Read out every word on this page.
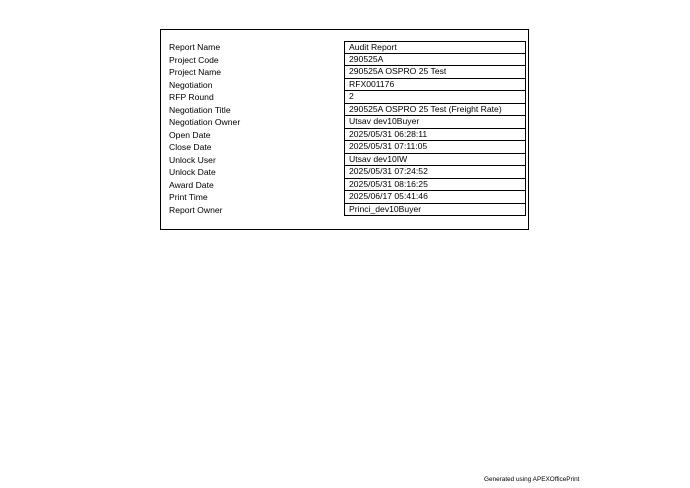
Report Name	Audit Report
Project Code	290525A
Project Name	290525A OSPRO 25 Test
Negotiation	RFX001176
RFP Round	2
Negotiation Title	290525A OSPRO 25 Test (Freight Rate)
Negotiation Owner	Utsav dev10Buyer
Open Date	2025/05/31 06:28:11
Close Date	2025/05/31 07:11:05
Unlock User	Utsav dev10IW
Unlock Date	2025/05/31 07:24:52
Award Date	2025/05/31 08:16:25
Print Time	2025/06/17 05:41:46
Report Owner	Princi_dev10Buyer
Generated using APEXOfficePrint
